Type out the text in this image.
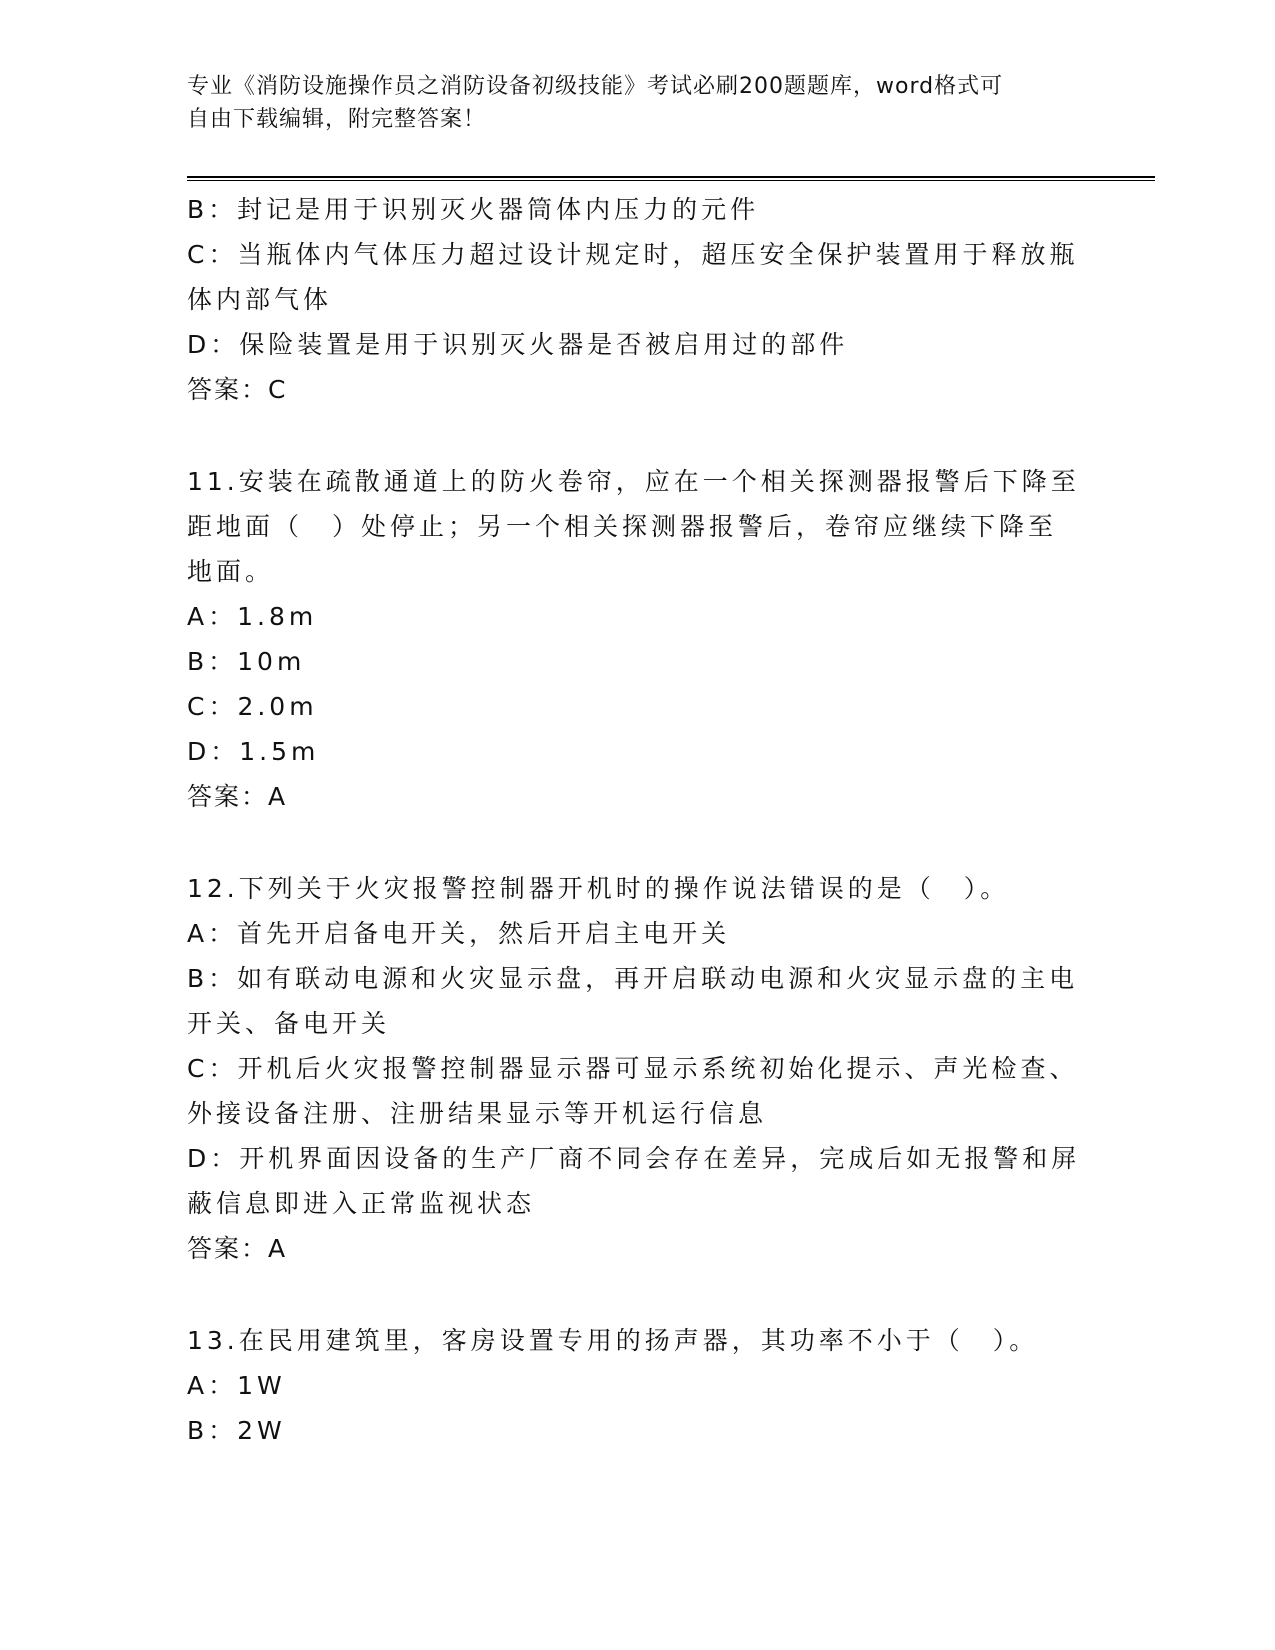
专业《消防设施操作员之消防设备初级技能》考试必刷200题题库，word格式可
自由下载编辑，附完整答案！
B：封记是用于识别灭火器筒体内压力的元件
C：当瓶体内气体压力超过设计规定时，超压安全保护装置用于释放瓶
体内部气体
D：保险装置是用于识别灭火器是否被启用过的部件
答案：C
11.安装在疏散通道上的防火卷帘，应在一个相关探测器报警后下降至
距地面（　）处停止；另一个相关探测器报警后，卷帘应继续下降至
地面。
A：1.8m
B：10m
C：2.0m
D：1.5m
答案：A
12.下列关于火灾报警控制器开机时的操作说法错误的是（　）。
A：首先开启备电开关，然后开启主电开关
B：如有联动电源和火灾显示盘，再开启联动电源和火灾显示盘的主电
开关、备电开关
C：开机后火灾报警控制器显示器可显示系统初始化提示、声光检查、
外接设备注册、注册结果显示等开机运行信息
D：开机界面因设备的生产厂商不同会存在差异，完成后如无报警和屏
蔽信息即进入正常监视状态
答案：A
13.在民用建筑里，客房设置专用的扬声器，其功率不小于（　）。
A：1W
B：2W
